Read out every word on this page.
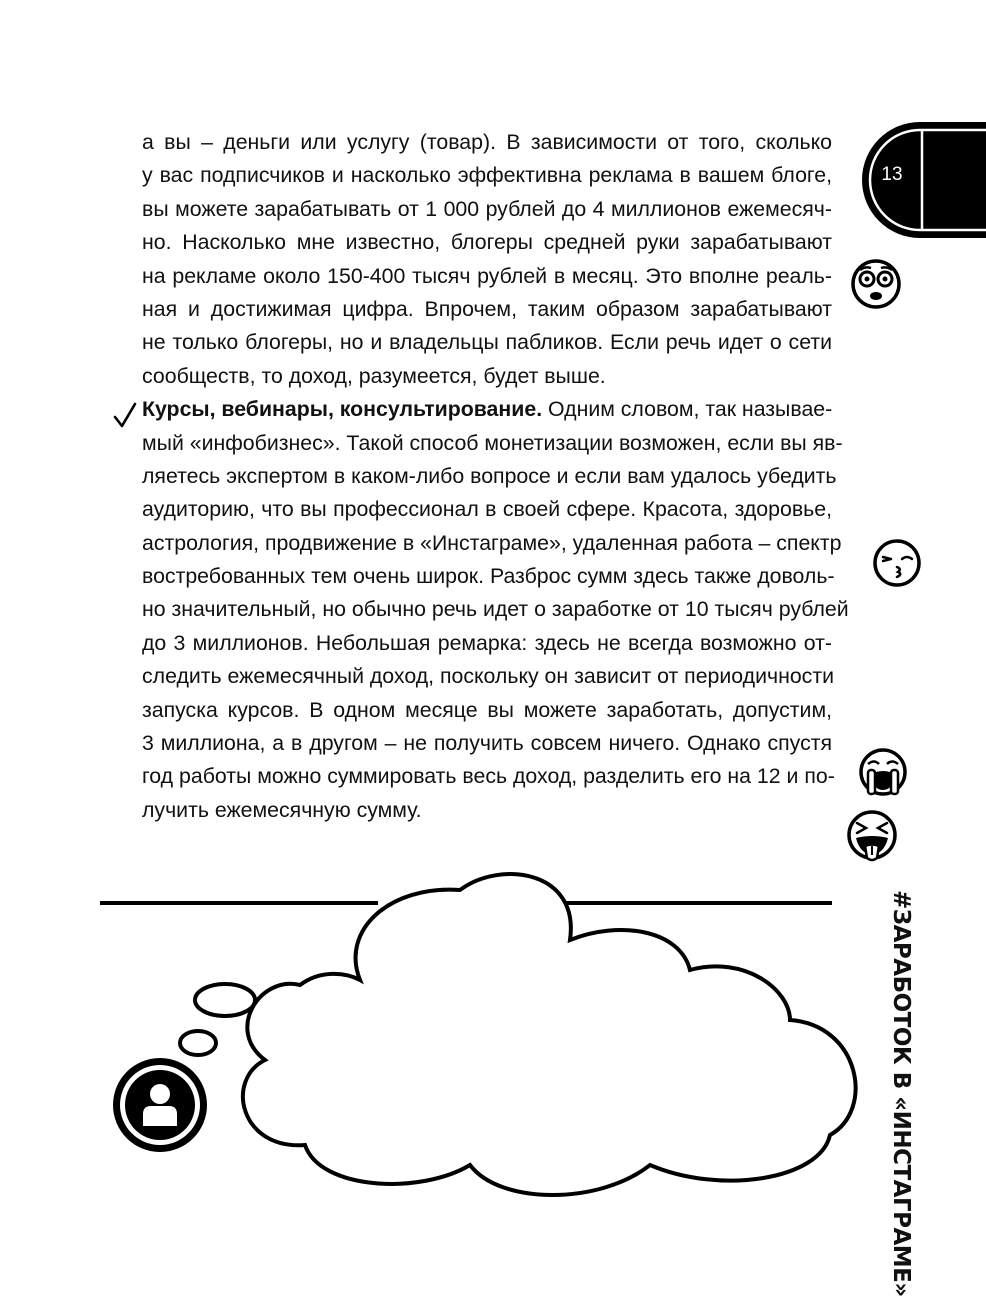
13
а вы – деньги или услугу (товар). В зависимости от того, сколько
у вас подписчиков и насколько эффективна реклама в вашем блоге,
вы можете зарабатывать от 1 000 рублей до 4 миллионов ежемесяч-
но. Насколько мне известно, блогеры средней руки зарабатывают
на рекламе около 150-400 тысяч рублей в месяц. Это вполне реаль-
ная и достижимая цифра. Впрочем, таким образом зарабатывают
не только блогеры, но и владельцы пабликов. Если речь идет о сети
сообществ, то доход, разумеется, будет выше.
Курсы, вебинары, консультирование. Одним словом, так называе-
мый «инфобизнес». Такой способ монетизации возможен, если вы яв-
ляетесь экспертом в каком-либо вопросе и если вам удалось убедить
аудиторию, что вы профессионал в своей сфере. Красота, здоровье,
астрология, продвижение в «Инстаграме», удаленная работа – спектр
востребованных тем очень широк. Разброс сумм здесь также доволь-
но значительный, но обычно речь идет о заработке от 10 тысяч рублей
до 3 миллионов. Небольшая ремарка: здесь не всегда возможно от-
следить ежемесячный доход, поскольку он зависит от периодичности
запуска курсов. В одном месяце вы можете заработать, допустим,
3 миллиона, а в другом – не получить совсем ничего. Однако спустя
год работы можно суммировать весь доход, разделить его на 12 и по-
лучить ежемесячную сумму.
#ЗАРАБОТОК В «ИНСТАГРАМЕ»
